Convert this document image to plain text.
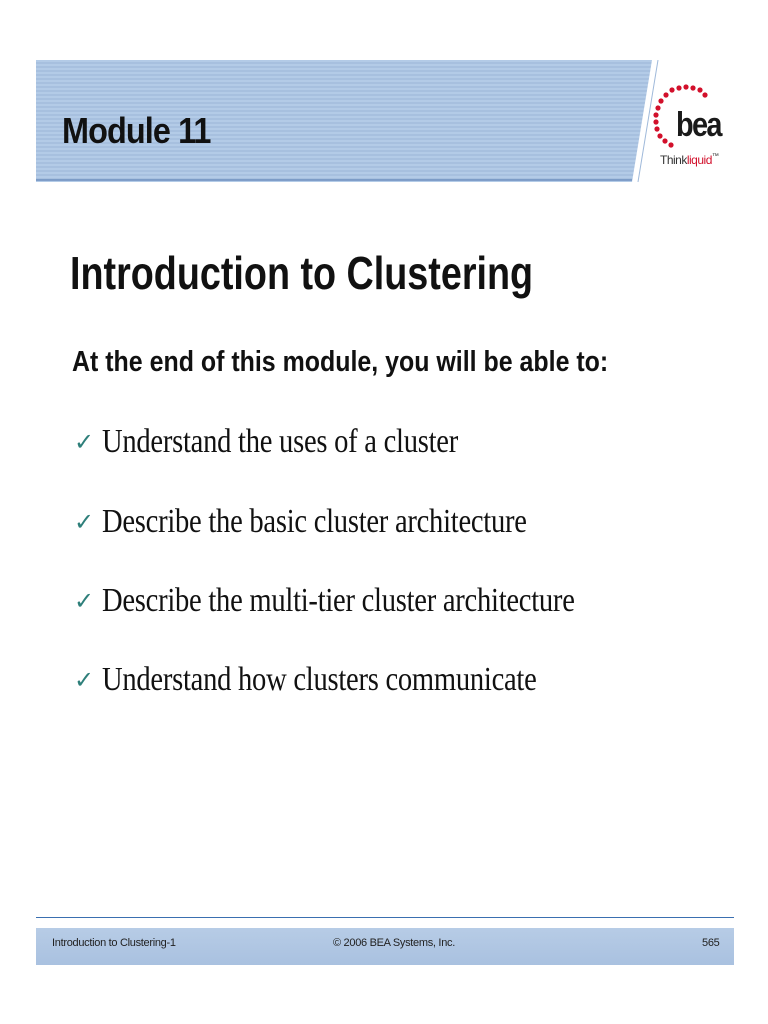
Module 11	bea
Thinkliquid™
Introduction to Clustering
At the end of this module, you will be able to:
✓ Understand the uses of a cluster
✓ Describe the basic cluster architecture
✓ Describe the multi-tier cluster architecture
✓ Understand how clusters communicate
Introduction to Clustering-1	© 2006 BEA Systems, Inc.	565
